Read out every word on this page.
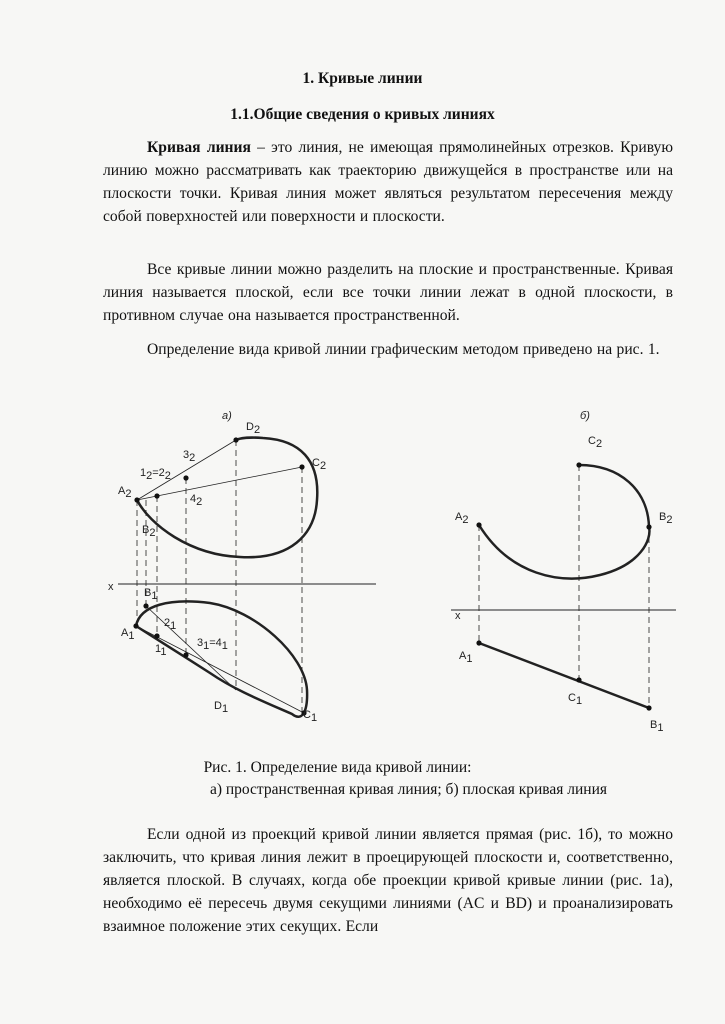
1. Кривые линии
1.1.Общие сведения о кривых линиях
Кривая линия – это линия, не имеющая прямолинейных отрезков. Кривую линию можно рассматривать как траекторию движущейся в пространстве или на плоскости точки. Кривая линия может являться результатом пересечения между собой поверхностей или поверхности и плоскости.
Все кривые линии можно разделить на плоские и пространственные. Кривая линия называется плоской, если все точки линии лежат в одной плоскости, в противном случае она называется пространственной.
Определение вида кривой линии графическим методом приведено на рис. 1.
а)
x
A2
B2
12=22
32
42
D2
C2
B1
A1
21
11
31=41
D1	C1
б)
x
A2
C2
B2
A1
C1
B1
Рис. 1. Определение вида кривой линии:
а) пространственная кривая линия; б) плоская кривая линия
Если одной из проекций кривой линии является прямая (рис. 1б), то можно заключить, что кривая линия лежит в проецирующей плоскости и, соответственно, является плоской. В случаях, когда обе проекции кривой кривые линии (рис. 1а), необходимо её пересечь двумя секущими линиями (AC и BD) и проанализировать взаимное положение этих секущих. Если
